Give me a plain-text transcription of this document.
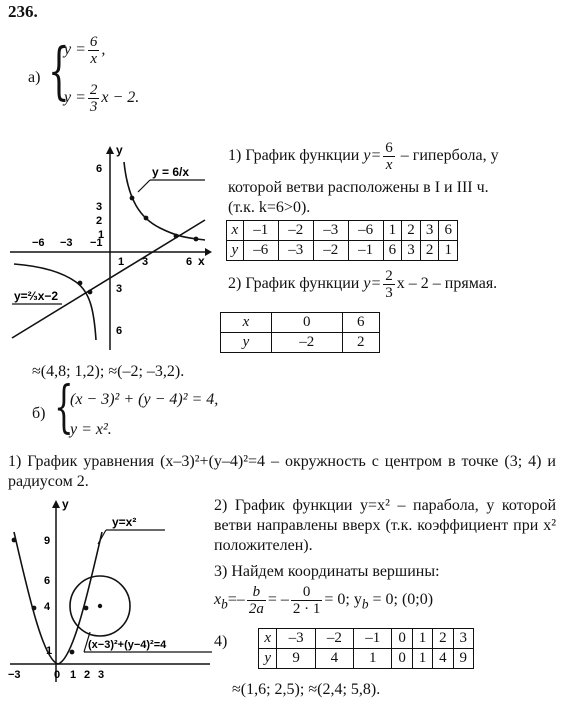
236.
а) {
$y = \frac{6}{x}$ ,
$y = \frac{2}{3}$ x − 2.
y
x
−6 −3 −1
1 3	6
6
3
2
1
3
6
y = 6/x
y=⅔x−2
1) График функции $y= \frac{6}{x}$ – гипербола, у
которой ветви расположены в I и III ч.
(т.к. k=6>0).
x	–1	–2	–3	–6	1	2	3	6
y	–6	–3	–2	–1	6	3	2	1
2) График функции $y= \frac{2}{3}$ x – 2 – прямая.
x	0	6
y	–2	2
≈(4,8; 1,2); ≈(–2; –3,2).
б) {
(x − 3)² + (y − 4)² = 4,
y = x².
1) График уравнения (x–3)²+(y–4)²=4 – окружность с центром в точке (3; 4) и радиусом 2.
y
9
6
4
1
−3	0 1 2 3
y=x²
(x−3)²+(y−4)²=4
2) График функции y=x² – парабола, у которой ветви направлены вверх (т.к. коэффициент при x² положителен).
3) Найдем координаты вершины:
$x_b=- \frac{b}{2a}$ = – $\frac{0}{2 \cdot 1} = 0$; $y_b = 0$; (0;0)
4) x	–3	–2	–1	0	1	2	3
y	9	4	1	0	1	4	9
≈(1,6; 2,5); ≈(2,4; 5,8).
